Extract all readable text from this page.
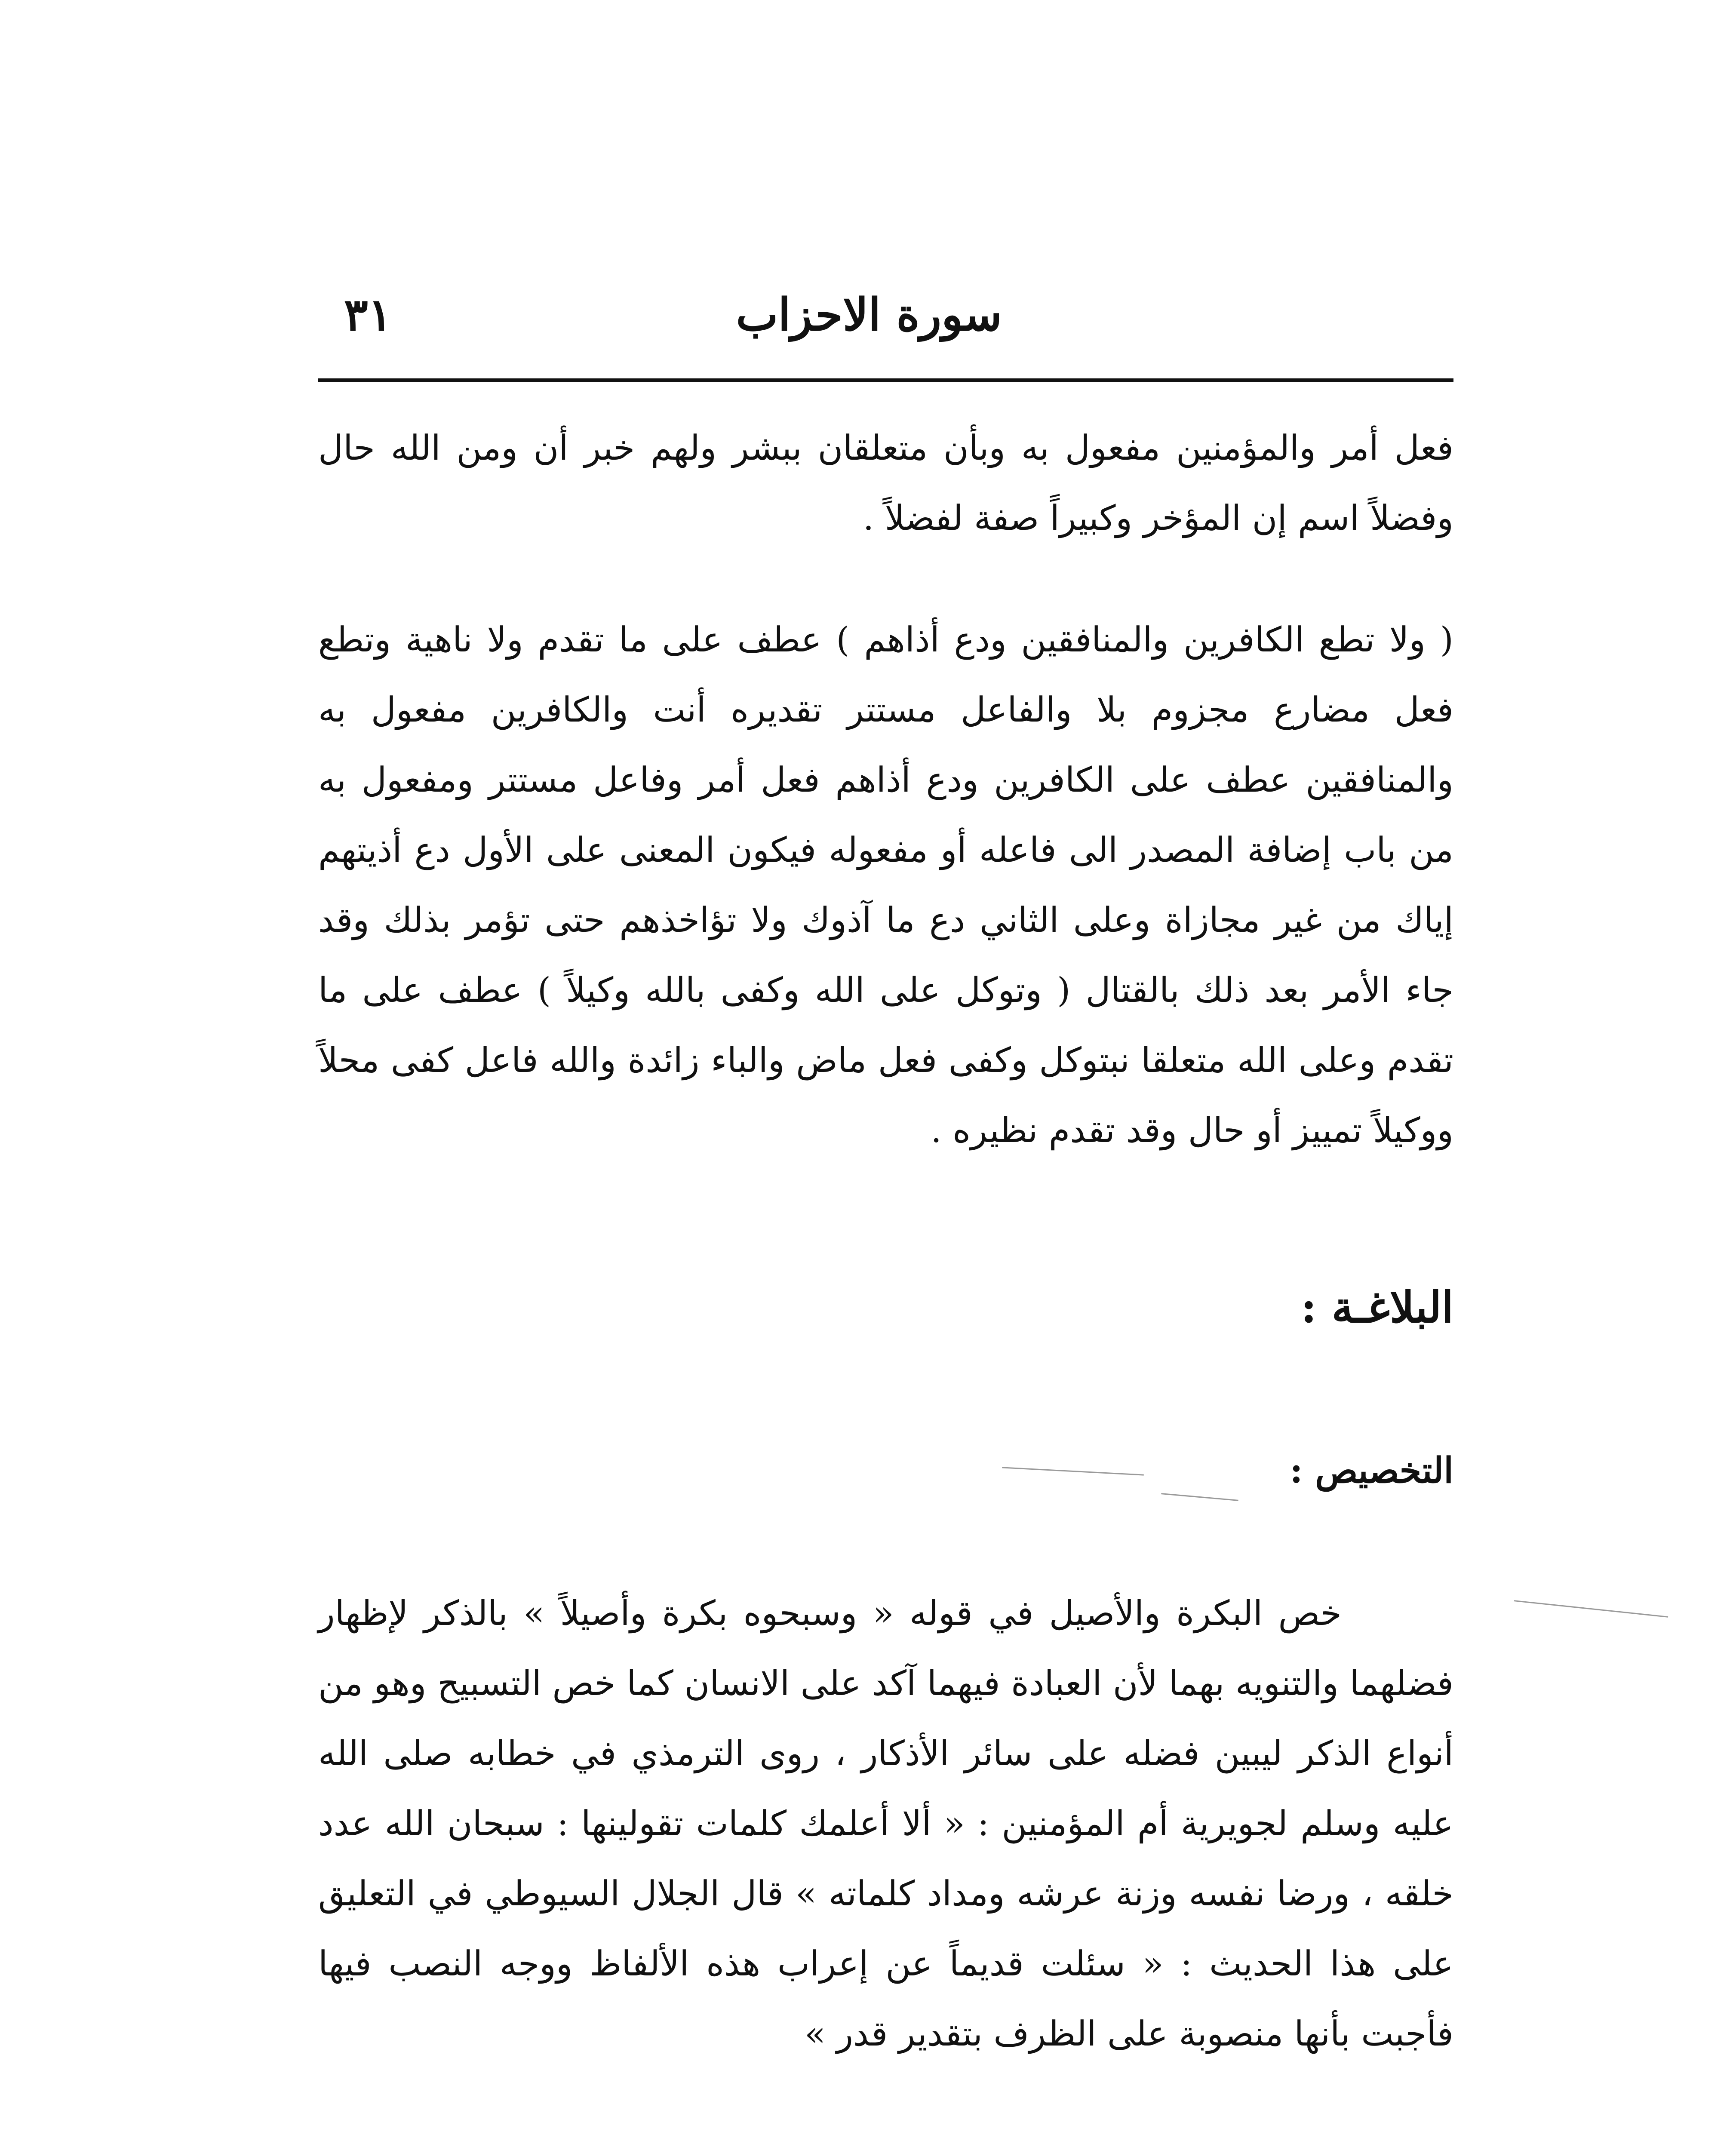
سورة الاحزاب
٣١

فعل أمر والمؤمنين مفعول به وبأن متعلقان ببشر ولهم خبر أن ومن الله حال وفضلاً اسم إن المؤخر وكبيراً صفة لفضلاً .

( ولا تطع الكافرين والمنافقين ودع أذاهم ) عطف على ما تقدم ولا ناهية وتطع فعل مضارع مجزوم بلا والفاعل مستتر تقديره أنت والكافرين مفعول به والمنافقين عطف على الكافرين ودع أذاهم فعل أمر وفاعل مستتر ومفعول به من باب إضافة المصدر الى فاعله أو مفعوله فيكون المعنى على الأول دع أذيتهم إياك من غير مجازاة وعلى الثاني دع ما آذوك ولا تؤاخذهم حتى تؤمر بذلك وقد جاء الأمر بعد ذلك بالقتال ( وتوكل على الله وكفى بالله وكيلاً ) عطف على ما تقدم وعلى الله متعلقا نبتوكل وكفى فعل ماض والباء زائدة والله فاعل كفى محلاً ووكيلاً تمييز أو حال وقد تقدم نظيره .

البلاغـة :
التخصيص :

خص البكرة والأصيل في قوله « وسبحوه بكرة وأصيلاً » بالذكر لإظهار فضلهما والتنويه بهما لأن العبادة فيهما آكد على الانسان كما خص التسبيح وهو من أنواع الذكر ليبين فضله على سائر الأذكار ، روى الترمذي في خطابه صلى الله عليه وسلم لجويرية أم المؤمنين : « ألا أعلمك كلمات تقولينها : سبحان الله عدد خلقه ، ورضا نفسه وزنة عرشه ومداد كلماته » قال الجلال السيوطي في التعليق على هذا الحديث : « سئلت قديماً عن إعراب هذه الألفاظ ووجه النصب فيها فأجبت بأنها منصوبة على الظرف بتقدير قدر »
